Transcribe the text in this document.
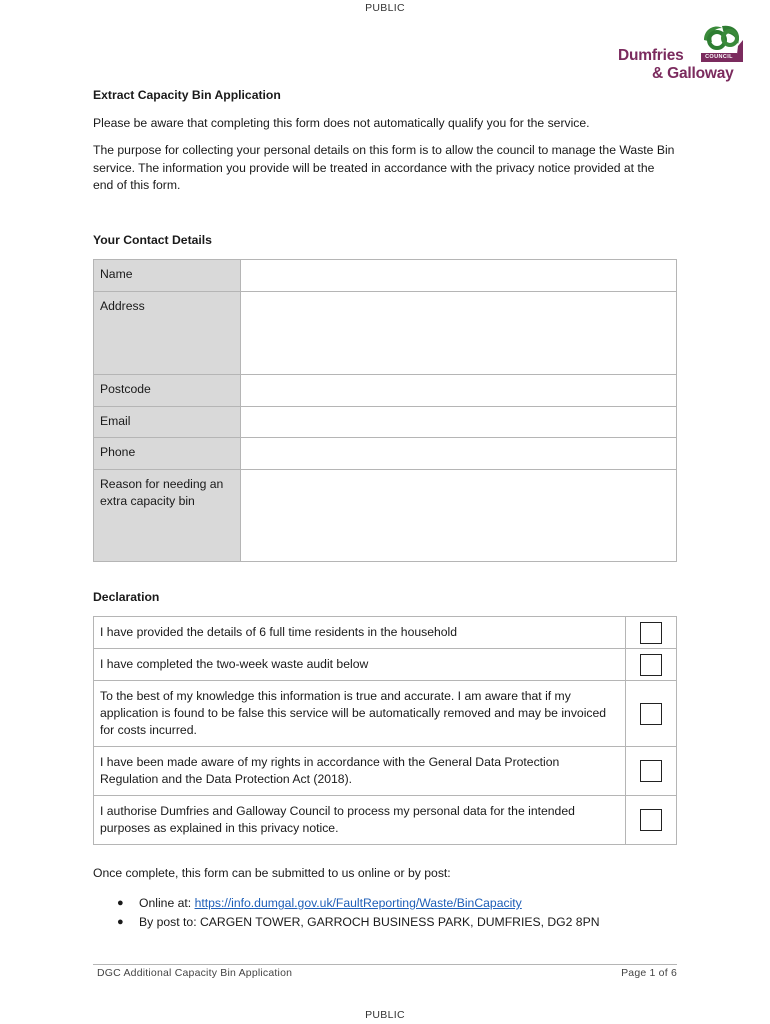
PUBLIC
COUNCIL
Dumfries
& Galloway
Extract Capacity Bin Application
Please be aware that completing this form does not automatically qualify you for the service.
The purpose for collecting your personal details on this form is to allow the council to manage the Waste Bin service. The information you provide will be treated in accordance with the privacy notice provided at the end of this form.
Your Contact Details
Name	
Address	
Postcode	
Email	
Phone	
Reason for needing an extra capacity bin	
Declaration
I have provided the details of 6 full time residents in the household	
I have completed the two-week waste audit below	
To the best of my knowledge this information is true and accurate. I am aware that if my application is found to be false this service will be automatically removed and may be invoiced for costs incurred.	
I have been made aware of my rights in accordance with the General Data Protection Regulation and the Data Protection Act (2018).	
I authorise Dumfries and Galloway Council to process my personal data for the intended purposes as explained in this privacy notice.	
Once complete, this form can be submitted to us online or by post:
● Online at: https://info.dumgal.gov.uk/FaultReporting/Waste/BinCapacity
● By post to: CARGEN TOWER, GARROCH BUSINESS PARK, DUMFRIES, DG2 8PN
DGC Additional Capacity Bin Application	Page 1 of 6
PUBLIC
